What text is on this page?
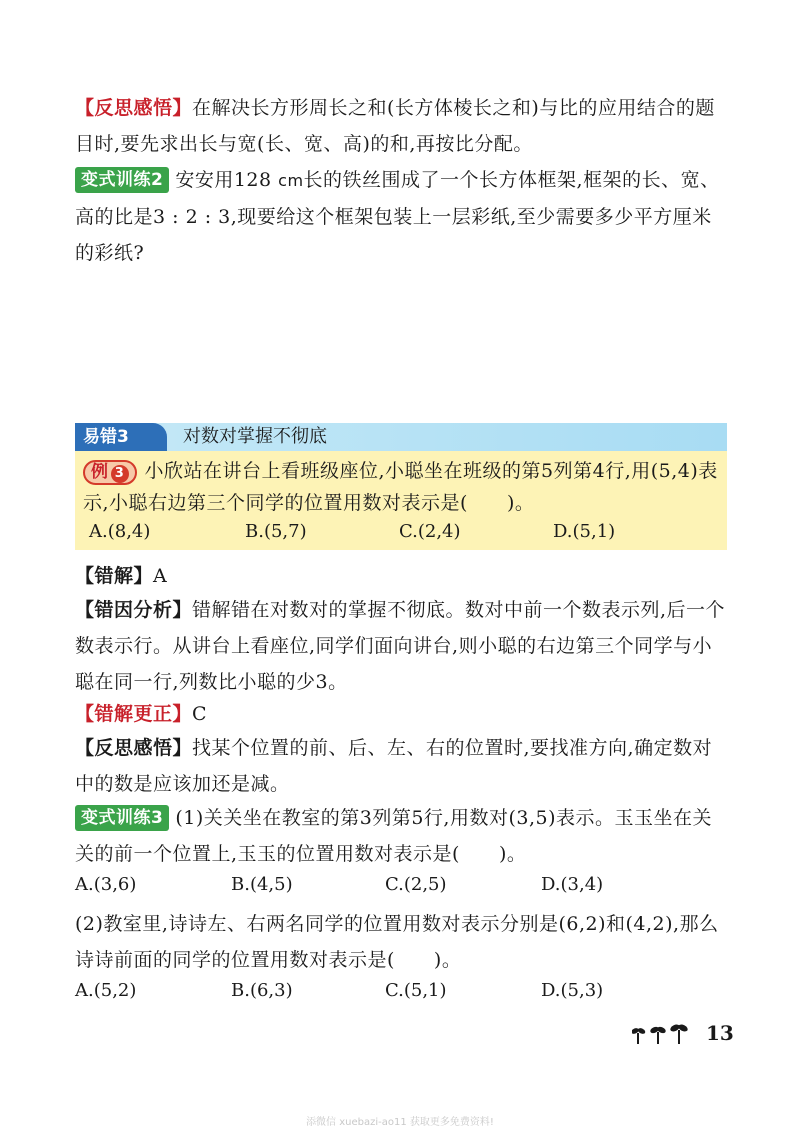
【反思感悟】在解决长方形周长之和(长方体棱长之和)与比的应用结合的题目时,要先求出长与宽(长、宽、高)的和,再按比分配。
变式训练2 安安用128 cm长的铁丝围成了一个长方体框架,框架的长、宽、高的比是3 : 2 : 3,现要给这个框架包装上一层彩纸,至少需要多少平方厘米的彩纸?
易错3	对数对掌握不彻底
例 3 小欣站在讲台上看班级座位,小聪坐在班级的第5列第4行,用(5,4)表示,小聪右边第三个同学的位置用数对表示是(　　)。
A.(8,4)	B.(5,7)	C.(2,4)	D.(5,1)
【错解】A
【错因分析】错解错在对数对的掌握不彻底。数对中前一个数表示列,后一个数表示行。从讲台上看座位,同学们面向讲台,则小聪的右边第三个同学与小聪在同一行,列数比小聪的少3。
【错解更正】C
【反思感悟】找某个位置的前、后、左、右的位置时,要找准方向,确定数对中的数是应该加还是减。
变式训练3 (1)关关坐在教室的第3列第5行,用数对(3,5)表示。玉玉坐在关关的前一个位置上,玉玉的位置用数对表示是(　　)。
A.(3,6)	B.(4,5)	C.(2,5)	D.(3,4)
(2)教室里,诗诗左、右两名同学的位置用数对表示分别是(6,2)和(4,2),那么诗诗前面的同学的位置用数对表示是(　　)。
A.(5,2)	B.(6,3)	C.(5,1)	D.(5,3)
13
添微信 xuebazi-ao11 获取更多免费资料!
